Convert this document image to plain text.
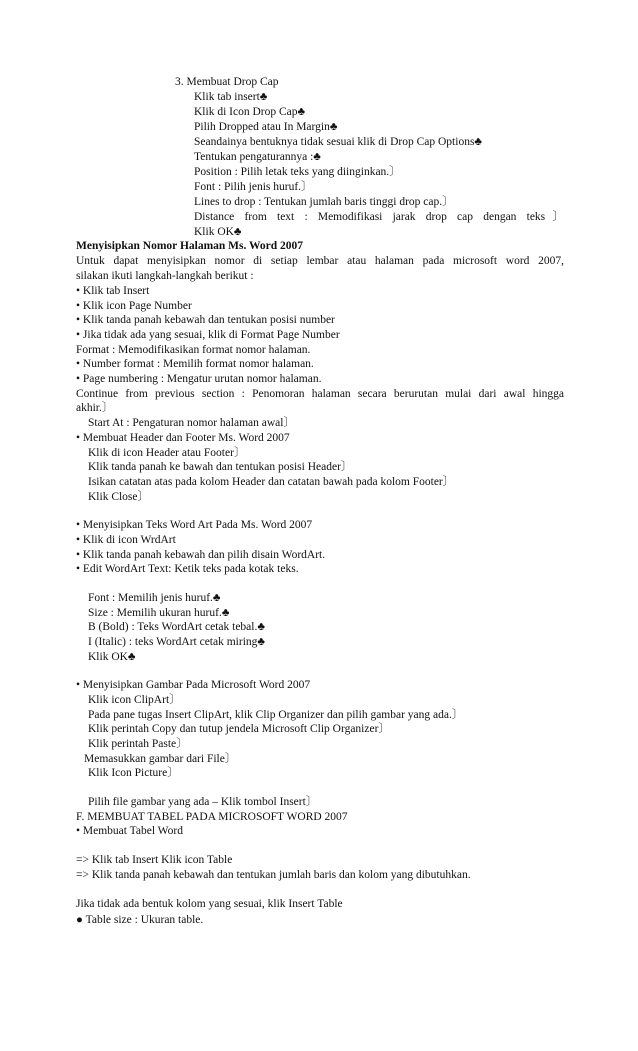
3. Membuat Drop Cap
Klik tab insert♣
Klik di Icon Drop Cap♣
Pilih Dropped atau In Margin♣
Seandainya bentuknya tidak sesuai klik di Drop Cap Options♣
Tentukan pengaturannya :♣
Position : Pilih letak teks yang diinginkan.〕
Font : Pilih jenis huruf.〕
Lines to drop : Tentukan jumlah baris tinggi drop cap.〕
Distance from text : Memodifikasi jarak drop cap dengan teks〕
Klik OK♣
Menyisipkan Nomor Halaman Ms. Word 2007
Untuk dapat menyisipkan nomor di setiap lembar atau halaman pada microsoft word 2007,
silakan ikuti langkah-langkah berikut :
• Klik tab Insert
• Klik icon Page Number
• Klik tanda panah kebawah dan tentukan posisi number
• Jika tidak ada yang sesuai, klik di Format Page Number
Format : Memodifikasikan format nomor halaman.
• Number format : Memilih format nomor halaman.
• Page numbering : Mengatur urutan nomor halaman.
Continue from previous section : Penomoran halaman secara berurutan mulai dari awal hingga
akhir.〕
Start At : Pengaturan nomor halaman awal〕
• Membuat Header dan Footer Ms. Word 2007
Klik di icon Header atau Footer〕
Klik tanda panah ke bawah dan tentukan posisi Header〕
Isikan catatan atas pada kolom Header dan catatan bawah pada kolom Footer〕
Klik Close〕
• Menyisipkan Teks Word Art Pada Ms. Word 2007
• Klik di icon WrdArt
• Klik tanda panah kebawah dan pilih disain WordArt.
• Edit WordArt Text: Ketik teks pada kotak teks.
Font : Memilih jenis huruf.♣
Size : Memilih ukuran huruf.♣
B (Bold) : Teks WordArt cetak tebal.♣
I (Italic) : teks WordArt cetak miring♣
Klik OK♣
• Menyisipkan Gambar Pada Microsoft Word 2007
Klik icon ClipArt〕
Pada pane tugas Insert ClipArt, klik Clip Organizer dan pilih gambar yang ada.〕
Klik perintah Copy dan tutup jendela Microsoft Clip Organizer〕
Klik perintah Paste〕
Memasukkan gambar dari File〕
Klik Icon Picture〕
Pilih file gambar yang ada – Klik tombol Insert〕
F. MEMBUAT TABEL PADA MICROSOFT WORD 2007
• Membuat Tabel Word
=> Klik tab Insert Klik icon Table
=> Klik tanda panah kebawah dan tentukan jumlah baris dan kolom yang dibutuhkan.
Jika tidak ada bentuk kolom yang sesuai, klik Insert Table
● Table size : Ukuran table.
